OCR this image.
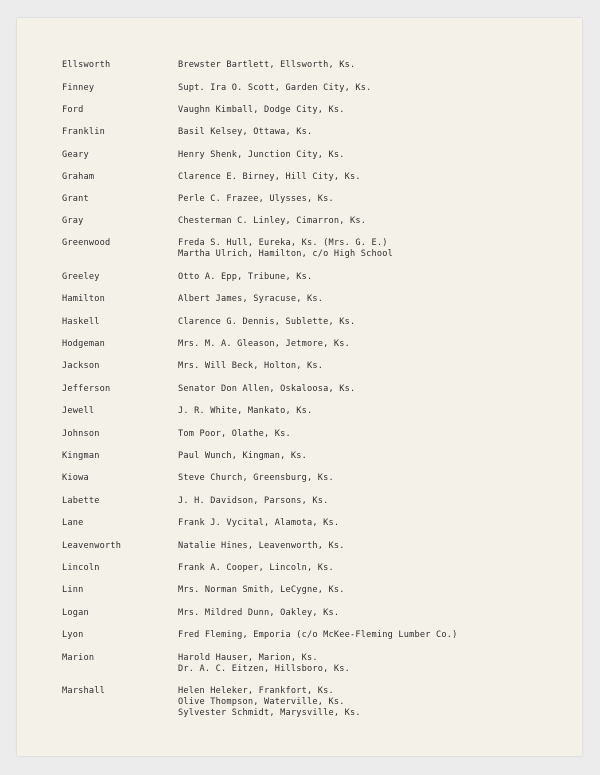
Ellsworth	Brewster Bartlett, Ellsworth, Ks.
Finney	Supt. Ira O. Scott, Garden City, Ks.
Ford	Vaughn Kimball, Dodge City, Ks.
Franklin	Basil Kelsey, Ottawa, Ks.
Geary	Henry Shenk, Junction City, Ks.
Graham	Clarence E. Birney, Hill City, Ks.
Grant	Perle C. Frazee, Ulysses, Ks.
Gray	Chesterman C. Linley, Cimarron, Ks.
Greenwood	Freda S. Hull, Eureka, Ks. (Mrs. G. E.)
Martha Ulrich, Hamilton, c/o High School
Greeley	Otto A. Epp, Tribune, Ks.
Hamilton	Albert James, Syracuse, Ks.
Haskell	Clarence G. Dennis, Sublette, Ks.
Hodgeman	Mrs. M. A. Gleason, Jetmore, Ks.
Jackson	Mrs. Will Beck, Holton, Ks.
Jefferson	Senator Don Allen, Oskaloosa, Ks.
Jewell	J. R. White, Mankato, Ks.
Johnson	Tom Poor, Olathe, Ks.
Kingman	Paul Wunch, Kingman, Ks.
Kiowa	Steve Church, Greensburg, Ks.
Labette	J. H. Davidson, Parsons, Ks.
Lane	Frank J. Vycital, Alamota, Ks.
Leavenworth	Natalie Hines, Leavenworth, Ks.
Lincoln	Frank A. Cooper, Lincoln, Ks.
Linn	Mrs. Norman Smith, LeCygne, Ks.
Logan	Mrs. Mildred Dunn, Oakley, Ks.
Lyon	Fred Fleming, Emporia (c/o McKee-Fleming Lumber Co.)
Marion	Harold Hauser, Marion, Ks.
Dr. A. C. Eitzen, Hillsboro, Ks.
Marshall	Helen Heleker, Frankfort, Ks.
Olive Thompson, Waterville, Ks.
Sylvester Schmidt, Marysville, Ks.
